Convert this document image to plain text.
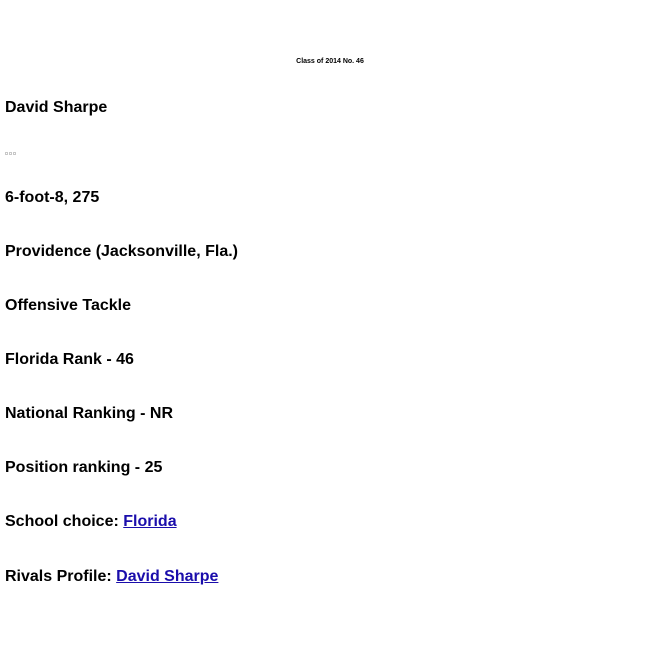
Class of 2014 No. 46
David Sharpe
6-foot-8, 275
Providence (Jacksonville, Fla.)
Offensive Tackle
Florida Rank - 46
National Ranking - NR
Position ranking - 25
School choice: Florida
Rivals Profile: David Sharpe
